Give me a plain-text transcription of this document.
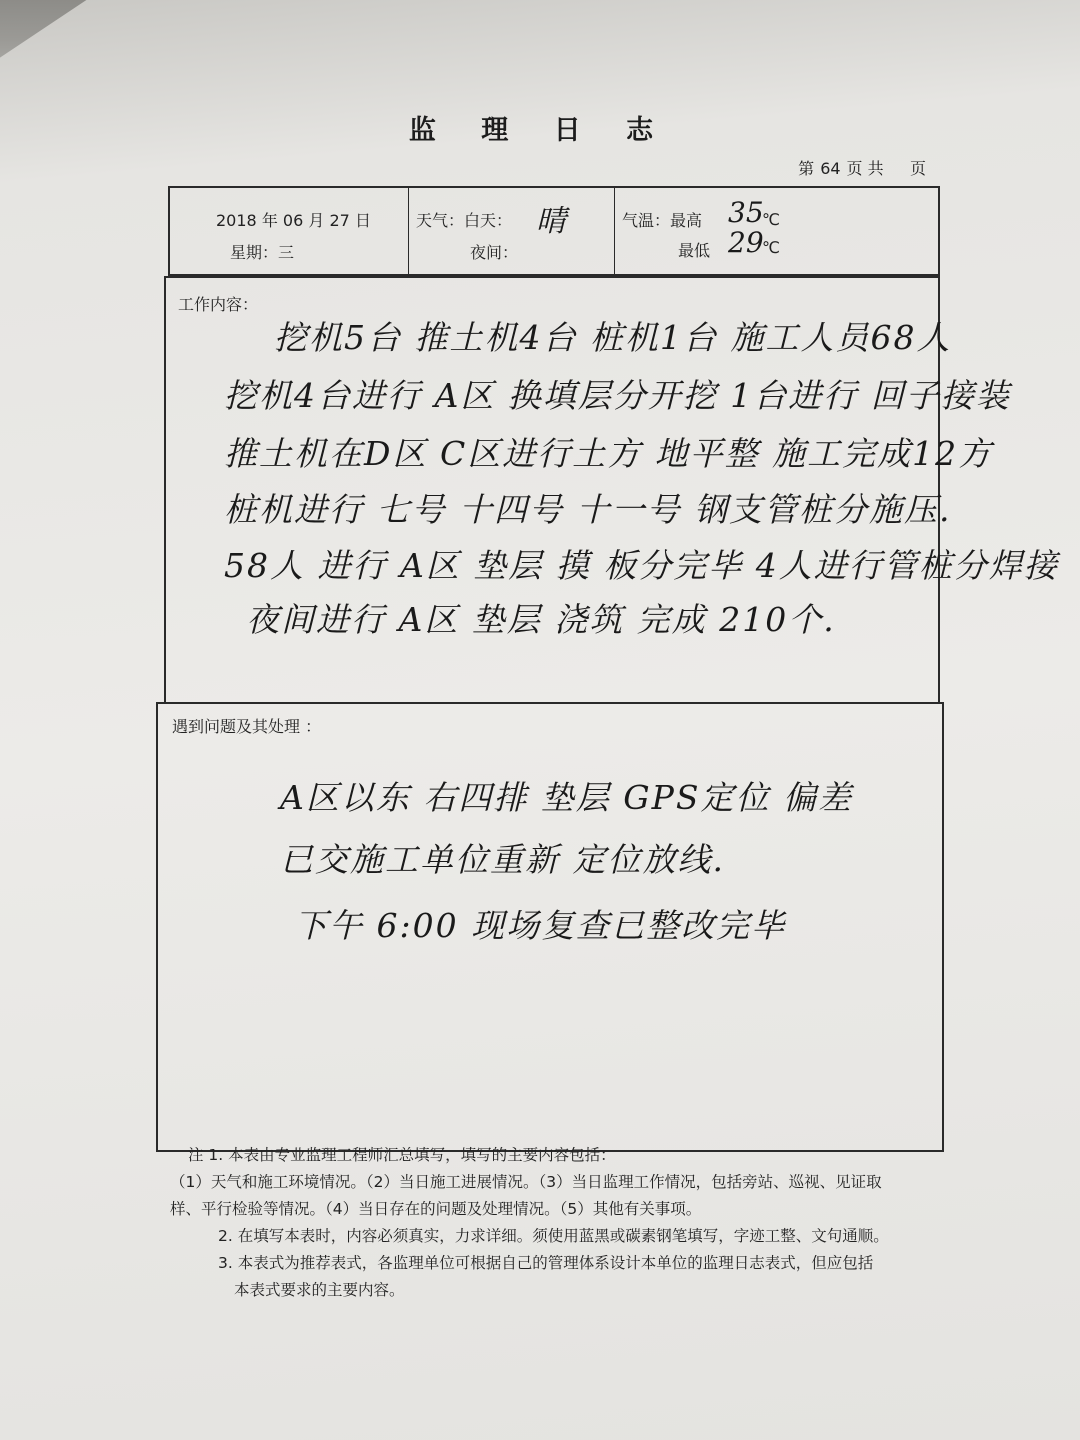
监 理 日 志
第 64 页 共 页
2018 年 06 月 27 日
星期：三
天气：白天： 晴
夜间：
气温：最高 35
℃
最低 29
℃
工作内容：
挖机5台 推土机4台 桩机1台 施工人员68人
挖机4台进行 A区 换填层分开挖 1台进行 回子接装
推土机在D区 C区进行土方 地平整 施工完成12方
桩机进行 七号 十四号 十一号 钢支管桩分施压.
58人 进行 A区 垫层 摸 板分完毕 4人进行管桩分焊接
夜间进行 A区 垫层 浇筑 完成 210个.
遇到问题及其处理 ：
A区以东 右四排 垫层 GPS定位 偏差
已交施工单位重新 定位放线.
下午 6:00 现场复查已整改完毕
注 1. 本表由专业监理工程师汇总填写，填写的主要内容包括：
（1）天气和施工环境情况。（2）当日施工进展情况。（3）当日监理工作情况，包括旁站、巡视、见证取
样、平行检验等情况。（4）当日存在的问题及处理情况。（5）其他有关事项。
2. 在填写本表时，内容必须真实，力求详细。须使用蓝黑或碳素钢笔填写，字迹工整、文句通顺。
3. 本表式为推荐表式，各监理单位可根据自己的管理体系设计本单位的监理日志表式，但应包括
本表式要求的主要内容。
